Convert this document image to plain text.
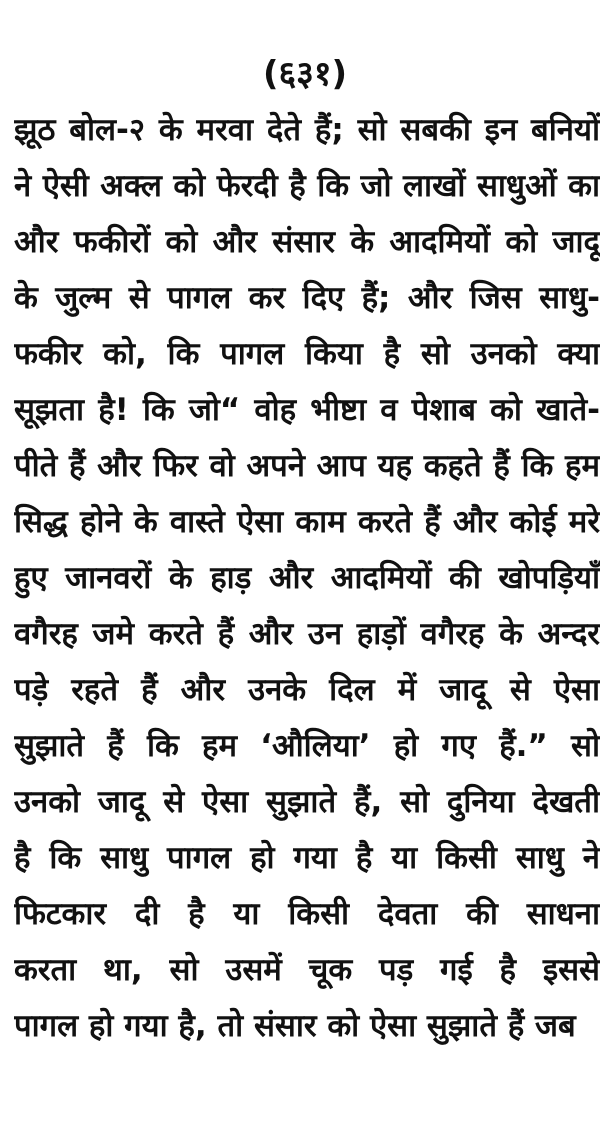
(६३१)
झूठ बोल-२ के मरवा देते हैं; सो सबकी इन बनियों
ने ऐसी अक्ल को फेरदी है कि जो लाखों साधुओं का
और फकीरों को और संसार के आदमियों को जादू
के जुल्म से पागल कर दिए हैं; और जिस साधु-
फकीर को, कि पागल किया है सो उनको क्या
सूझता है! कि जो“ वोह भीष्टा व पेशाब को खाते-
पीते हैं और फिर वो अपने आप यह कहते हैं कि हम
सिद्ध होने के वास्ते ऐसा काम करते हैं और कोई मरे
हुए जानवरों के हाड़ और आदमियों की खोपड़ियाँ
वगैरह जमे करते हैं और उन हाड़ों वगैरह के अन्दर
पड़े रहते हैं और उनके दिल में जादू से ऐसा
सुझाते हैं कि हम ‘औलिया’ हो गए हैं.” सो
उनको जादू से ऐसा सुझाते हैं, सो दुनिया देखती
है कि साधु पागल हो गया है या किसी साधु ने
फिटकार दी है या किसी देवता की साधना
करता था, सो उसमें चूक पड़ गई है इससे
पागल हो गया है, तो संसार को ऐसा सुझाते हैं जब
